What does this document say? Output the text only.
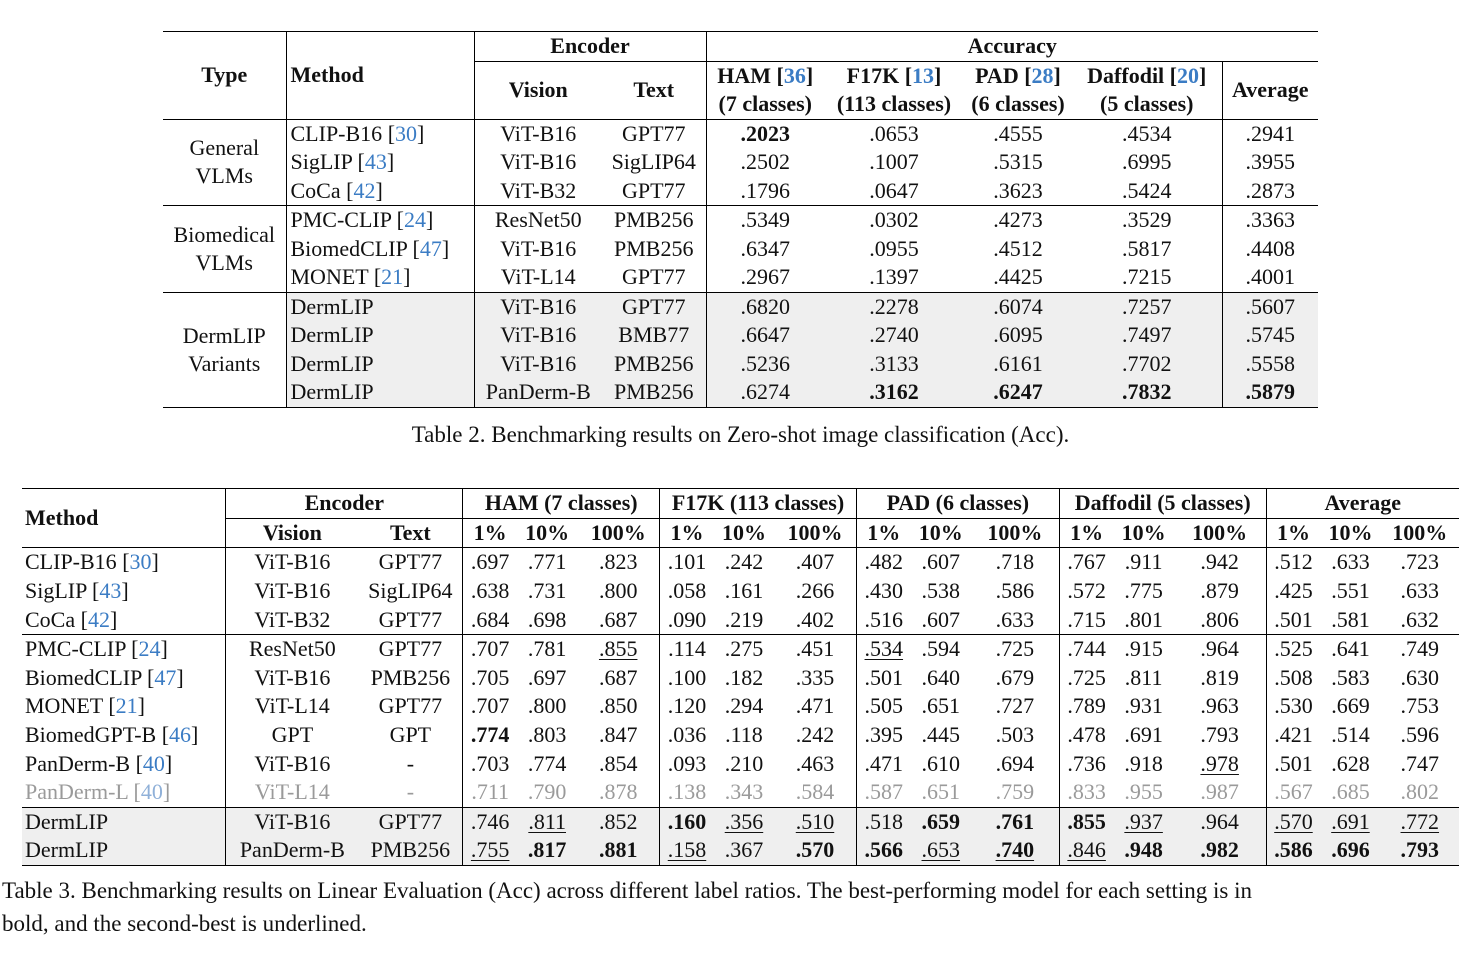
Type	Method	Encoder		Accuracy				
		Vision	Text	HAM [36]	F17K [13]	PAD [28]	Daffodil [20]	Average
				(7 classes)	(113 classes)	(6 classes)	(5 classes)	

General
VLMs	CLIP-B16 [30]	ViT-B16	GPT77	.2023	.0653	.4555	.4534	.2941
	SigLIP [43]	ViT-B16	SigLIP64	.2502	.1007	.5315	.6995	.3955
	CoCa [42]	ViT-B32	GPT77	.1796	.0647	.3623	.5424	.2873

Biomedical
VLMs	PMC-CLIP [24]	ResNet50	PMB256	.5349	.0302	.4273	.3529	.3363
	BiomedCLIP [47]	ViT-B16	PMB256	.6347	.0955	.4512	.5817	.4408
	MONET [21]	ViT-L14	GPT77	.2967	.1397	.4425	.7215	.4001

DermLIP
Variants	DermLIP	ViT-B16	GPT77	.6820	.2278	.6074	.7257	.5607
	DermLIP	ViT-B16	BMB77	.6647	.2740	.6095	.7497	.5745
	DermLIP	ViT-B16	PMB256	.5236	.3133	.6161	.7702	.5558
	DermLIP	PanDerm-B	PMB256	.6274	.3162	.6247	.7832	.5879
Table 2. Benchmarking results on Zero-shot image classification (Acc).
Method	Encoder		HAM (7 classes)			F17K (113 classes)			PAD (6 classes)			Daffodil (5 classes)			Average		
	Vision	Text	1%	10%	100%	1%	10%	100%	1%	10%	100%	1%	10%	100%	1%	10%	100%
CLIP-B16 [30]	ViT-B16	GPT77	.697	.771	.823	.101	.242	.407	.482	.607	.718	.767	.911	.942	.512	.633	.723
SigLIP [43]	ViT-B16	SigLIP64	.638	.731	.800	.058	.161	.266	.430	.538	.586	.572	.775	.879	.425	.551	.633
CoCa [42]	ViT-B32	GPT77	.684	.698	.687	.090	.219	.402	.516	.607	.633	.715	.801	.806	.501	.581	.632
PMC-CLIP [24]	ResNet50	GPT77	.707	.781	.855	.114	.275	.451	.534	.594	.725	.744	.915	.964	.525	.641	.749
BiomedCLIP [47]	ViT-B16	PMB256	.705	.697	.687	.100	.182	.335	.501	.640	.679	.725	.811	.819	.508	.583	.630
MONET [21]	ViT-L14	GPT77	.707	.800	.850	.120	.294	.471	.505	.651	.727	.789	.931	.963	.530	.669	.753
BiomedGPT-B [46]	GPT	GPT	.774	.803	.847	.036	.118	.242	.395	.445	.503	.478	.691	.793	.421	.514	.596
PanDerm-B [40]	ViT-B16	-	.703	.774	.854	.093	.210	.463	.471	.610	.694	.736	.918	.978	.501	.628	.747
PanDerm-L [40]	ViT-L14	-	.711	.790	.878	.138	.343	.584	.587	.651	.759	.833	.955	.987	.567	.685	.802
DermLIP	ViT-B16	GPT77	.746	.811	.852	.160	.356	.510	.518	.659	.761	.855	.937	.964	.570	.691	.772
DermLIP	PanDerm-B	PMB256	.755	.817	.881	.158	.367	.570	.566	.653	.740	.846	.948	.982	.586	.696	.793
Table 3. Benchmarking results on Linear Evaluation (Acc) across different label ratios. The best-performing model for each setting is in
bold, and the second-best is underlined.
